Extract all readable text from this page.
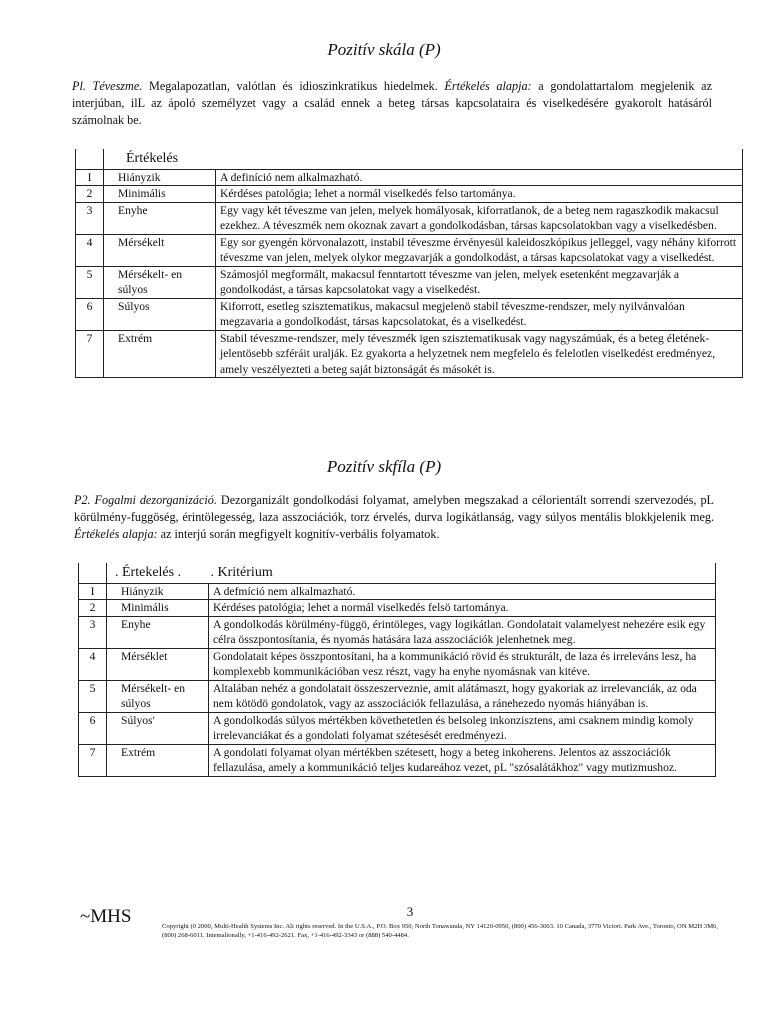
Pozitív skála (P)
Pl. Téveszme. Megalapozatlan, valótlan és idioszinkratikus hiedelmek. Értékelés alapja: a gondolattartalom megjelenik az interjúban, ilL az ápoló személyzet vagy a család ennek a beteg társas kapcsolataira és viselkedésére gyakorolt hatásáról számolnak be.
	Értékelés	
I	Hiányzik	A definíció nem alkalmazható.
2	Minimális	Kérdéses patológia; lehet a normál viselkedés felso tartománya.
3	Enyhe	Egy vagy két téveszme van jelen, melyek homályosak, kiforratlanok, de a beteg nem ragaszkodik makacsul ezekhez. A téveszmék nem okoznak zavart a gondolkodásban, társas kapcsolatokban vagy a viselkedésben.
4	Mérsékelt	Egy sor gyengén körvonalazott, instabil téveszme érvényesül kaleidoszkópikus jelleggel, vagy néhány kiforrott téveszme van jelen, melyek olykor megzavarják a gondolkodást, a társas kapcsolatokat vagy a viselkedést.
5	Mérsékelt- en súlyos	Számosjól megformált, makacsul fenntartott téveszme van jelen, melyek esetenként megzavarják a gondolkodást, a társas kapcsolatokat vagy a viselkedést.
6	Súlyos	Kiforrott, esetleg szisztematikus, makacsul megjelenö stabil téveszme-rendszer, mely nyilvánvalóan megzavaria a gondolkodást, társas kapcsolatokat, és a viselkedést.
7	Extrém	Stabil téveszme-rendszer, mely téveszmék igen szisztematikusak vagy nagyszámúak, és a beteg életénekjelentösebb szféráit uralják. Ez gyakorta a helyzetnek nem megfelelo és felelotlen viselkedést eredményez, amely veszélyezteti a beteg saját biztonságát és másokét is.
Pozitív skfíla (P)
P2. Fogalmi dezorganizáció. Dezorganizált gondolkodási folyamat, amelyben megszakad a célorientált sorrendi szervezodés, pL körülmény-fuggöség, érintölegesség, laza asszociációk, torz érvelés, durva logikátlanság, vagy súlyos mentális blokkjelenik meg. Értékelés alapja: az interjú során megfigyelt kognitív-verbális folyamatok.
	. Értekelés .	. Kritérium
I	Hiányzik	A defmíció nem alkalmazható.
2	Minimális	Kérdéses patológia; lehet a normál viselkedés felsö tartománya.
3	Enyhe	A gondolkodás körülmény-függö, érintöleges, vagy logikátlan. Gondolatait valamelyest nehezére esik egy célra összpontosítania, és nyomás hatására laza asszociációk jelenhetnek meg.
4	Mérséklet	Gondolatait képes összpontosítani, ha a kommunikáció rövid és strukturált, de laza és irreleváns lesz, ha komplexebb kommunikációban vesz részt, vagy ha enyhe nyomásnak van kitéve.
5	Mérsékelt- en súlyos	Altalában nehéz a gondolatait összeszerveznie, amit alátámaszt, hogy gyakoriak az irrelevanciák, az oda nem kötödö gondolatok, vagy az asszociációk fellazulása, a ránehezedo nyomás hiányában is.
6	Súlyos'	A gondolkodás súlyos mértékben követhetetlen és belsoleg inkonzisztens, ami csaknem mindig komoly irrelevanciákat és a gondolati folyamat szétesését eredményezi.
7	Extrém	A gondolati folyamat olyan mértékben szétesett, hogy a beteg inkoherens. Jelentos az asszociációk fellazulása, amely a kommunikáció teljes kudareához vezet, pL "szósalátákhoz" vagy mutizmushoz.
~MHS	3
Copyright (0 2000, Multi-Health Systems Inc. Ali rights reserved. In the U.S.A., P.O. Box 950, North Tonawanda, NY 14120-0950, (800) 456-3003. 10 Canada, 3770 Victori. Park Ave., Toronto, ON M2H 3M6, (800) 268-6011. Intemalionally, +1-416-492-2621. Fax, +1-416-492-3343 or (888) 540-4484.
